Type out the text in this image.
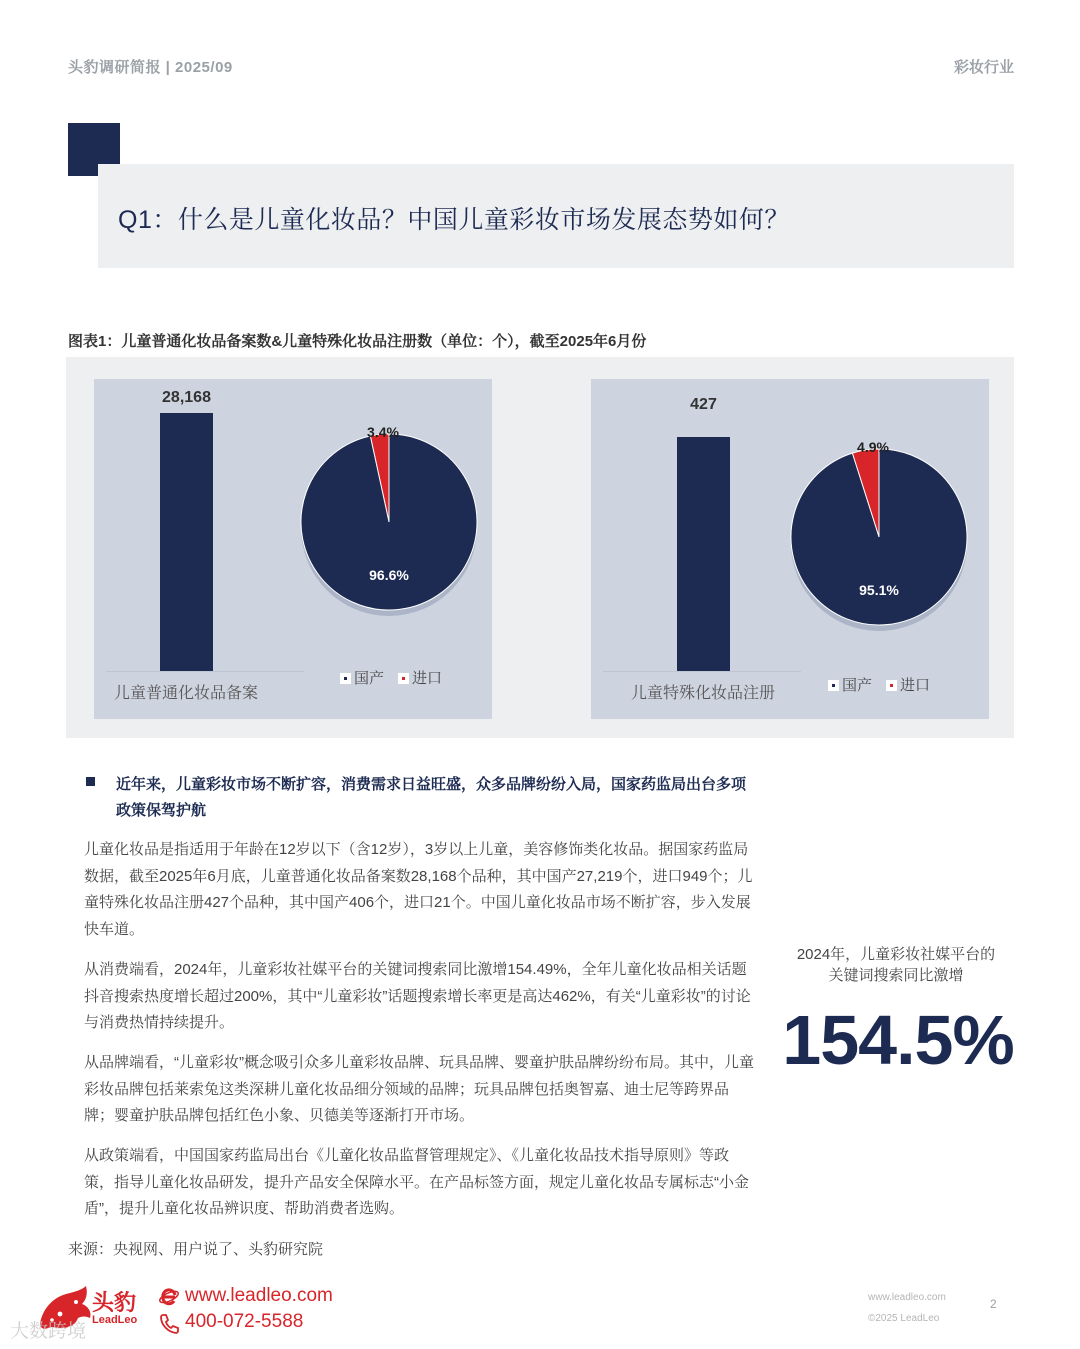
头豹调研简报 | 2025/09	彩妆行业
Q1：什么是儿童化妆品？中国儿童彩妆市场发展态势如何？
图表1：儿童普通化妆品备案数&儿童特殊化妆品注册数（单位：个），截至2025年6月份
28,168
儿童普通化妆品备案
3.4%
96.6%
国产 进口
427
儿童特殊化妆品注册
4.9%
95.1%
国产 进口
近年来，儿童彩妆市场不断扩容，消费需求日益旺盛，众多品牌纷纷入局，国家药监局出台多项政策保驾护航
儿童化妆品是指适用于年龄在12岁以下（含12岁），3岁以上儿童，美容修饰类化妆品。据国家药监局数据，截至2025年6月底，儿童普通化妆品备案数28,168个品种，其中国产27,219个，进口949个；儿童特殊化妆品注册427个品种，其中国产406个，进口21个。中国儿童化妆品市场不断扩容，步入发展快车道。
从消费端看，2024年，儿童彩妆社媒平台的关键词搜索同比激增154.49%，全年儿童化妆品相关话题抖音搜索热度增长超过200%，其中“儿童彩妆”话题搜索增长率更是高达462%，有关“儿童彩妆”的讨论与消费热情持续提升。
从品牌端看，“儿童彩妆”概念吸引众多儿童彩妆品牌、玩具品牌、婴童护肤品牌纷纷布局。其中，儿童彩妆品牌包括莱索兔这类深耕儿童化妆品细分领域的品牌；玩具品牌包括奥智嘉、迪士尼等跨界品牌；婴童护肤品牌包括红色小象、贝德美等逐渐打开市场。
从政策端看，中国国家药监局出台《儿童化妆品监督管理规定》、《儿童化妆品技术指导原则》等政策，指导儿童化妆品研发，提升产品安全保障水平。在产品标签方面，规定儿童化妆品专属标志“小金盾”，提升儿童化妆品辨识度、帮助消费者选购。
来源：央视网、用户说了、头豹研究院
2024年，儿童彩妆社媒平台的关键词搜索同比激增
154.5%
头豹
LeadLeo
大数跨境
www.leadleo.com
400-072-5588
www.leadleo.com
©2025 LeadLeo
2
